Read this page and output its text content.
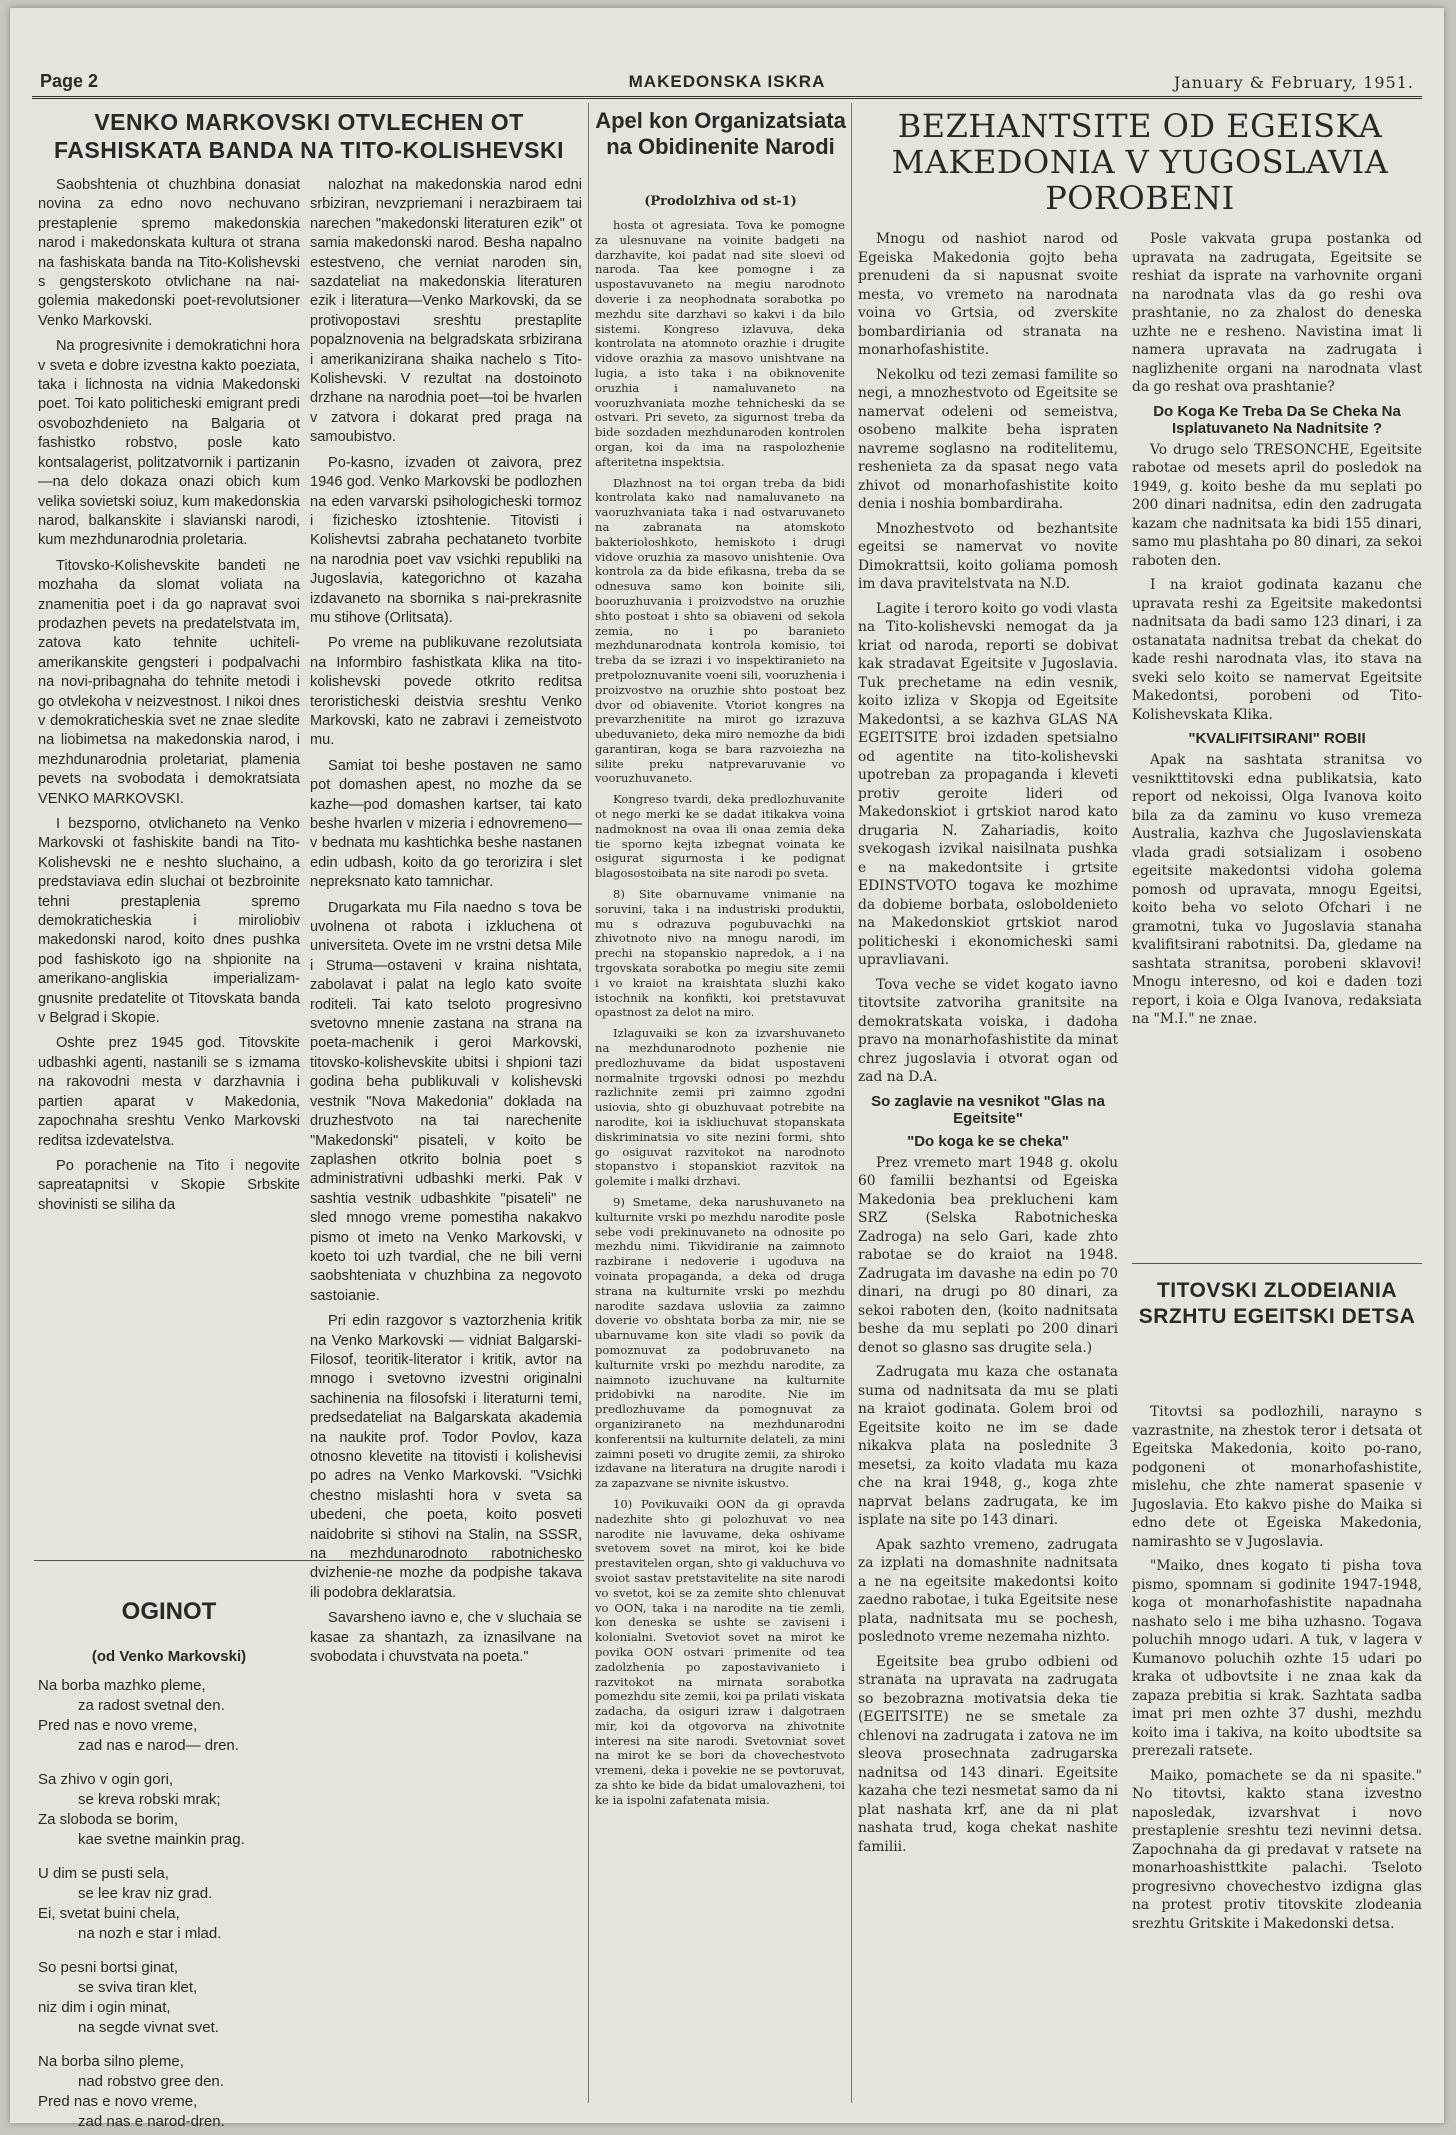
Page 2	MAKEDONSKA ISKRA	January & February, 1951.
VENKO MARKOVSKI OTVLECHEN OT FASHISKATA BANDA NA TITO-KOLISHEVSKI
Apel kon Organizatsiata na Obidinenite Narodi
(Prodolzhiva od st-1)
BEZHANTSITE OD EGEISKA MAKEDONIA V YUGOSLAVIA POROBENI

Saobshtenia ot chuzhbina donasiat novina za edno novo nechuvano prestaplenie spremo makedonskia narod i makedonskata kultura ot strana na fashiskata banda na Tito-Kolishevski s gengsterskoto otvlichane na nai-golemia makedonski poet-revolutsioner Venko Markovski.

Na progresivnite i demokratichni hora v sveta e dobre izvestna kakto poeziata, taka i lichnosta na vidnia Makedonski poet. Toi kato politicheski emigrant predi osvobozhdenieto na Balgaria ot fashistko robstvo, posle kato kontsalagerist, politzatvornik i partizanin—na delo dokaza onazi obich kum velika sovietski soiuz, kum makedonskia narod, balkanskite i slavianski narodi, kum mezhdunarodnia proletaria.

Titovsko-Kolishevskite bandeti ne mozhaha da slomat voliata na znamenitia poet i da go napravat svoi prodazhen pevets na predatelstvata im, zatova kato tehnite uchiteli-amerikanskite gengsteri i podpalvachi na novi-pribagnaha do tehnite metodi i go otvlekoha v neizvestnost. I nikoi dnes v demokraticheskia svet ne znae sledite na liobimetsa na makedonskia narod, i mezhdunarodnia proletariat, plamenia pevets na svobodata i demokratsiata VENKO MARKOVSKI.

I bezsporno, otvlichaneto na Venko Markovski ot fashiskite bandi na Tito-Kolishevski ne e neshto sluchaino, a predstaviava edin sluchai ot bezbroinite tehni prestaplenia spremo demokraticheskia i miroliobiv makedonski narod, koito dnes pushka pod fashiskoto igo na shpionite na amerikano-angliskia imperializam-gnusnite predatelite ot Titovskata banda v Belgrad i Skopie.

Oshte prez 1945 god. Titovskite udbashki agenti, nastanili se s izmama na rakovodni mesta v darzhavnia i partien aparat v Makedonia, zapochnaha sreshtu Venko Markovski reditsa izdevatelstva.

Po porachenie na Tito i negovite sapreatapnitsi v Skopie Srbskite shovinisti se siliha da

nalozhat na makedonskia narod edni srbiziran, nevzpriemani i nerazbiraem tai narechen "makedonski literaturen ezik" ot samia makedonski narod. Besha napalno estestveno, che verniat naroden sin, sazdateliat na makedonskia literaturen ezik i literatura—Venko Markovski, da se protivopostavi sreshtu prestaplite popalznovenia na belgradskata srbizirana i amerikanizirana shaika nachelo s Tito-Kolishevski. V rezultat na dostoinoto drzhane na narodnia poet—toi be hvarlen v zatvora i dokarat pred praga na samoubistvo.

Po-kasno, izvaden ot zaivora, prez 1946 god. Venko Markovski be podlozhen na eden varvarski psihologicheski tormoz i fizichesko iztoshtenie. Titovisti i Kolishevtsi zabraha pechataneto tvorbite na narodnia poet vav vsichki republiki na Jugoslavia, kategorichno ot kazaha izdavaneto na sbornika s nai-prekrasnite mu stihove (Orlitsata).

Po vreme na publikuvane rezolutsiata na Informbiro fashistkata klika na tito-kolishevski povede otkrito reditsa teroristicheski deistvia sreshtu Venko Markovski, kato ne zabravi i zemeistvoto mu.

Samiat toi beshe postaven ne samo pot domashen apest, no mozhe da se kazhe—pod domashen kartser, tai kato beshe hvarlen v mizeria i ednovremeno—v bednata mu kashtichka beshe nastanen edin udbash, koito da go terorizira i slet nepreksnato kato tamnichar.

Drugarkata mu Fila naedno s tova be uvolnena ot rabota i izkluchena ot universiteta. Ovete im ne vrstni detsa Mile i Struma—ostaveni v kraina nishtata, zabolavat i palat na leglo kato svoite roditeli. Tai kato tseloto progresivno svetovno mnenie zastana na strana na poeta-machenik i geroi Markovski, titovsko-kolishevskite ubitsi i shpioni tazi godina beha publikuvali v kolishevski vestnik "Nova Makedonia" doklada na druzhestvoto na tai narechenite "Makedonski" pisateli, v koito be zaplashen otkrito bolnia poet s administrativni udbashki merki. Pak v sashtia vestnik udbashkite "pisateli" ne sled mnogo vreme pomestiha nakakvo pismo ot imeto na Venko Markovski, v koeto toi uzh tvardial, che ne bili verni saobshteniata v chuzhbina za negovoto sastoianie.

Pri edin razgovor s vaztorzhenia kritik na Venko Markovski — vidniat Balgarski-Filosof, teoritik-literator i kritik, avtor na mnogo i svetovno izvestni originalni sachinenia na filosofski i literaturni temi, predsedateliat na Balgarskata akademia na naukite prof. Todor Povlov, kaza otnosno klevetite na titovisti i kolishevisi po adres na Venko Markovski. "Vsichki chestno mislashti hora v sveta sa ubedeni, che poeta, koito posveti naidobrite si stihovi na Stalin, na SSSR, na mezhdunarodnoto rabotnichesko dvizhenie-ne mozhe da podpishe takava ili podobra deklaratsia.

Savarsheno iavno e, che v sluchaia se kasae za shantazh, za iznasilvane na svobodata i chuvstvata na poeta."

OGINOT
(od Venko Markovski)
Na borba mazhko pleme,
za radost svetnal den.
Pred nas e novo vreme,
zad nas e narod— dren.
Sa zhivo v ogin gori,
se kreva robski mrak;
Za sloboda se borim,
kae svetne mainkin prag.
U dim se pusti sela,
se lee krav niz grad.
Ei, svetat buini chela,
na nozh e star i mlad.
So pesni bortsi ginat,
se sviva tiran klet,
niz dim i ogin minat,
na segde vivnat svet.
Na borba silno pleme,
nad robstvo gree den.
Pred nas e novo vreme,
zad nas e narod-dren.

hosta ot agresiata. Tova ke pomogne za ulesnuvane na voinite badgeti na darzhavite, koi padat nad site sloevi od naroda. Taa kee pomogne i za uspostavuvaneto na megiu narodnoto doverie i za neophodnata sorabotka po mezhdu site darzhavi so kakvi i da bilo sistemi. Kongreso izlavuva, deka kontrolata na atomnoto orazhie i drugite vidove orazhia za masovo unishtvane na lugia, a isto taka i na obiknovenite oruzhia i namaluvaneto na vooruzhvaniata mozhe tehnicheski da se ostvari. Pri seveto, za sigurnost treba da bide sozdaden mezhdunaroden kontrolen organ, koi da ima na raspolozhenie afteritetna inspektsia.

Dlazhnost na toi organ treba da bidi kontrolata kako nad namaluvaneto na vaoruzhvaniata taka i nad ostvaruvaneto na zabranata na atomskoto bakterioloshkoto, hemiskoto i drugi vidove oruzhia za masovo unishtenie. Ova kontrola za da bide efikasna, treba da se odnesuva samo kon boinite sili, booruzhuvania i proizvodstvo na oruzhie shto postoat i shto sa obiaveni od sekola zemia, no i po baranieto mezhdunarodnata kontrola komisio, toi treba da se izrazi i vo inspektiranieto na pretpoloznuvanite voeni sili, vooruzhenia i proizvostvo na oruzhie shto postoat bez dvor od obiavenite. Vtoriot kongres na prevarzhenitite na mirot go izrazuva ubeduvanieto, deka miro nemozhe da bidi garantiran, koga se bara razvoiezha na silite preku natprevaruvanie vo vooruzhuvaneto.

Kongreso tvardi, deka predlozhuvanite ot nego merki ke se dadat itikakva voina nadmoknost na ovaa ili onaa zemia deka tie sporno kejta izbegnat voinata ke osigurat sigurnosta i ke podignat blagosostoibata na site narodi po sveta.

8) Site obarnuvame vnimanie na soruvini, taka i na industriski produktii, mu s odrazuva pogubuvachki na zhivotnoto nivo na mnogu narodi, im prechi na stopanskio napredok, a i na trgovskata sorabotka po megiu site zemii i vo kraiot na kraishtata sluzhi kako istochnik na konfikti, koi pretstavuvat opastnost za delot na miro.

Izlaguvaiki se kon za izvarshuvaneto na mezhdunarodnoto pozhenie nie predlozhuvame da bidat uspostaveni normalnite trgovski odnosi po mezhdu razlichnite zemii pri zaimno zgodni usiovia, shto gi obuzhuvaat potrebite na narodite, koi ia iskliuchuvat stopanskata diskriminatsia vo site nezini formi, shto go osiguvat razvitokot na narodnoto stopanstvo i stopanskiot razvitok na golemite i malki drzhavi.

9) Smetame, deka narushuvaneto na kulturnite vrski po mezhdu narodite posle sebe vodi prekinuvaneto na odnosite po mezhdu nimi. Tikvidiranie na zaimnoto razbirane i nedoverie i ugoduva na voinata propaganda, a deka od druga strana na kulturnite vrski po mezhdu narodite sazdava usloviia za zaimno doverie vo obshtata borba za mir, nie se ubarnuvame kon site vladi so povik da pomoznuvat za podobruvaneto na kulturnite vrski po mezhdu narodite, za naimnoto izuchuvane na kulturnite pridobivki na narodite. Nie im predlozhuvame da pomognuvat za organiziraneto na mezhdunarodni konferentsii na kulturnite delateli, za mini zaimni poseti vo drugite zemii, za shiroko izdavane na literatura na drugite narodi i za zapazvane se nivnite iskustvo.

10) Povikuvaiki OON da gi opravda nadezhite shto gi polozhuvat vo nea narodite nie lavuvame, deka oshivame svetovem sovet na mirot, koi ke bide prestavitelen organ, shto gi vakluchuva vo svoiot sastav pretstavitelite na site narodi vo svetot, koi se za zemite shto chlenuvat vo OON, taka i na narodite na tie zemli, kon deneska se ushte se zaviseni i kolonialni. Svetoviot sovet na mirot ke povika OON ostvari primenite od tea zadolzhenia po zapostavivanieto i razvitokot na mirnata sorabotka pomezhdu site zemii, koi pa prilati viskata zadacha, da osiguri izraw i dalgotraen mir, koi da otgovorva na zhivotnite interesi na site narodi. Svetovniat sovet na mirot ke se bori da chovechestvoto vremeni, deka i povekie ne se povtoruvat, za shto ke bide da bidat umalovazheni, toi ke ia ispolni zafatenata misia.

Mnogu od nashiot narod od Egeiska Makedonia gojto beha prenudeni da si napusnat svoite mesta, vo vremeto na narodnata voina vo Grtsia, od zverskite bombardiriania od stranata na monarhofashistite.

Nekolku od tezi zemasi familite so negi, a mnozhestvoto od Egeitsite se namervat odeleni od semeistva, osobeno malkite beha ispraten navreme soglasno na roditelitemu, reshenieta za da spasat nego vata zhivot od monarhofashistite koito denia i noshia bombardiraha.

Mnozhestvoto od bezhantsite egeitsi se namervat vo novite Dimokrattsii, koito goliama pomosh im dava pravitelstvata na N.D.

Lagite i teroro koito go vodi vlasta na Tito-kolishevski nemogat da ja kriat od naroda, reporti se dobivat kak stradavat Egeitsite v Jugoslavia. Tuk prechetame na edin vesnik, koito izliza v Skopja od Egeitsite Makedontsi, a se kazhva GLAS NA EGEITSITE broi izdaden spetsialno od agentite na tito-kolishevski upotreban za propaganda i kleveti protiv geroite lideri od Makedonskiot i grtskiot narod kato drugaria N. Zahariadis, koito svekogash izvikal naisilnata pushka e na makedontsite i grtsite EDINSTVOTO togava ke mozhime da dobieme borbata, osloboldenieto na Makedonskiot grtskiot narod politicheski i ekonomicheski sami upravliavani.

Tova veche se videt kogato iavno titovtsite zatvoriha granitsite na demokratskata voiska, i dadoha pravo na monarhofashistite da minat chrez jugoslavia i otvorat ogan od zad na D.A.

So zaglavie na vesnikot "Glas na Egeitsite"
"Do koga ke se cheka"

Prez vremeto mart 1948 g. okolu 60 familii bezhantsi od Egeiska Makedonia bea preklucheni kam SRZ (Selska Rabotnicheska Zadroga) na selo Gari, kade zhto rabotae se do kraiot na 1948. Zadrugata im davashe na edin po 70 dinari, na drugi po 80 dinari, za sekoi raboten den, (koito nadnitsata beshe da mu seplati po 200 dinari denot so glasno sas drugite sela.)

Zadrugata mu kaza che ostanata suma od nadnitsata da mu se plati na kraiot godinata. Golem broi od Egeitsite koito ne im se dade nikakva plata na poslednite 3 mesetsi, za koito vladata mu kaza che na krai 1948, g., koga zhte naprvat belans zadrugata, ke im isplate na site po 143 dinari.

Apak sazhto vremeno, zadrugata za izplati na domashnite nadnitsata a ne na egeitsite makedontsi koito zaedno rabotae, i tuka Egeitsite nese plata, nadnitsata mu se pochesh, poslednoto vreme nezemaha nizhto.

Egeitsite bea grubo odbieni od stranata na upravata na zadrugata so bezobrazna motivatsia deka tie (EGEITSITE) ne se smetale za chlenovi na zadrugata i zatova ne im sleova prosechnata zadrugarska nadnitsa od 143 dinari. Egeitsite kazaha che tezi nesmetat samo da ni plat nashata krf, ane da ni plat nashata trud, koga chekat nashite familii.

Posle vakvata grupa postanka od upravata na zadrugata, Egeitsite se reshiat da isprate na varhovnite organi na narodnata vlas da go reshi ova prashtanie, no za zhalost do deneska uzhte ne e resheno. Navistina imat li namera upravata na zadrugata i naglizhenite organi na narodnata vlast da go reshat ova prashtanie?

Do Koga Ke Treba Da Se Cheka Na Isplatuvaneto Na Nadnitsite ?

Vo drugo selo TRESONCHE, Egeitsite rabotae od mesets april do posledok na 1949, g. koito beshe da mu seplati po 200 dinari nadnitsa, edin den zadrugata kazam che nadnitsata ka bidi 155 dinari, samo mu plashtaha po 80 dinari, za sekoi raboten den.

I na kraiot godinata kazanu che upravata reshi za Egeitsite makedontsi nadnitsata da badi samo 123 dinari, i za ostanatata nadnitsa trebat da chekat do kade reshi narodnata vlas, ito stava na sveki selo koito se namervat Egeitsite Makedontsi, porobeni od Tito-Kolishevskata Klika.

"KVALIFITSIRANI" ROBII

Apak na sashtata stranitsa vo vesnikttitovski edna publikatsia, kato report od nekoissi, Olga Ivanova koito bila za da zaminu vo kuso vremeza Australia, kazhva che Jugoslavienskata vlada gradi sotsializam i osobeno egeitsite makedontsi vidoha golema pomosh od upravata, mnogu Egeitsi, koito beha vo seloto Ofchari i ne gramotni, tuka vo Jugoslavia stanaha kvalifitsirani rabotnitsi. Da, gledame na sashtata stranitsa, porobeni sklavovi! Mnogu interesno, od koi e daden tozi report, i koia e Olga Ivanova, redaksiata na "M.I." ne znae.

TITOVSKI ZLODEIANIA SRZHTU EGEITSKI DETSA

Titovtsi sa podlozhili, narayno s vazrastnite, na zhestok teror i detsata ot Egeitska Makedonia, koito po-rano, podgoneni ot monarhofashistite, mislehu, che zhte namerat spasenie v Jugoslavia. Eto kakvo pishe do Maika si edno dete ot Egeiska Makedonia, namirashto se v Jugoslavia.

"Maiko, dnes kogato ti pisha tova pismo, spomnam si godinite 1947-1948, koga ot monarhofashistite napadnaha nashato selo i me biha uzhasno. Togava poluchih mnogo udari. A tuk, v lagera v Kumanovo poluchih ozhte 15 udari po kraka ot udbovtsite i ne znaa kak da zapaza prebitia si krak. Sazhtata sadba imat pri men ozhte 37 dushi, mezhdu koito ima i takiva, na koito ubodtsite sa prerezali ratsete.

Maiko, pomachete se da ni spasite." No titovtsi, kakto stana izvestno naposledak, izvarshvat i novo prestaplenie sreshtu tezi nevinni detsa. Zapochnaha da gi predavat v ratsete na monarhoashisttkite palachi. Tseloto progresivno chovechestvo izdigna glas na protest protiv titovskite zlodeania srezhtu Gritskite i Makedonski detsa.
